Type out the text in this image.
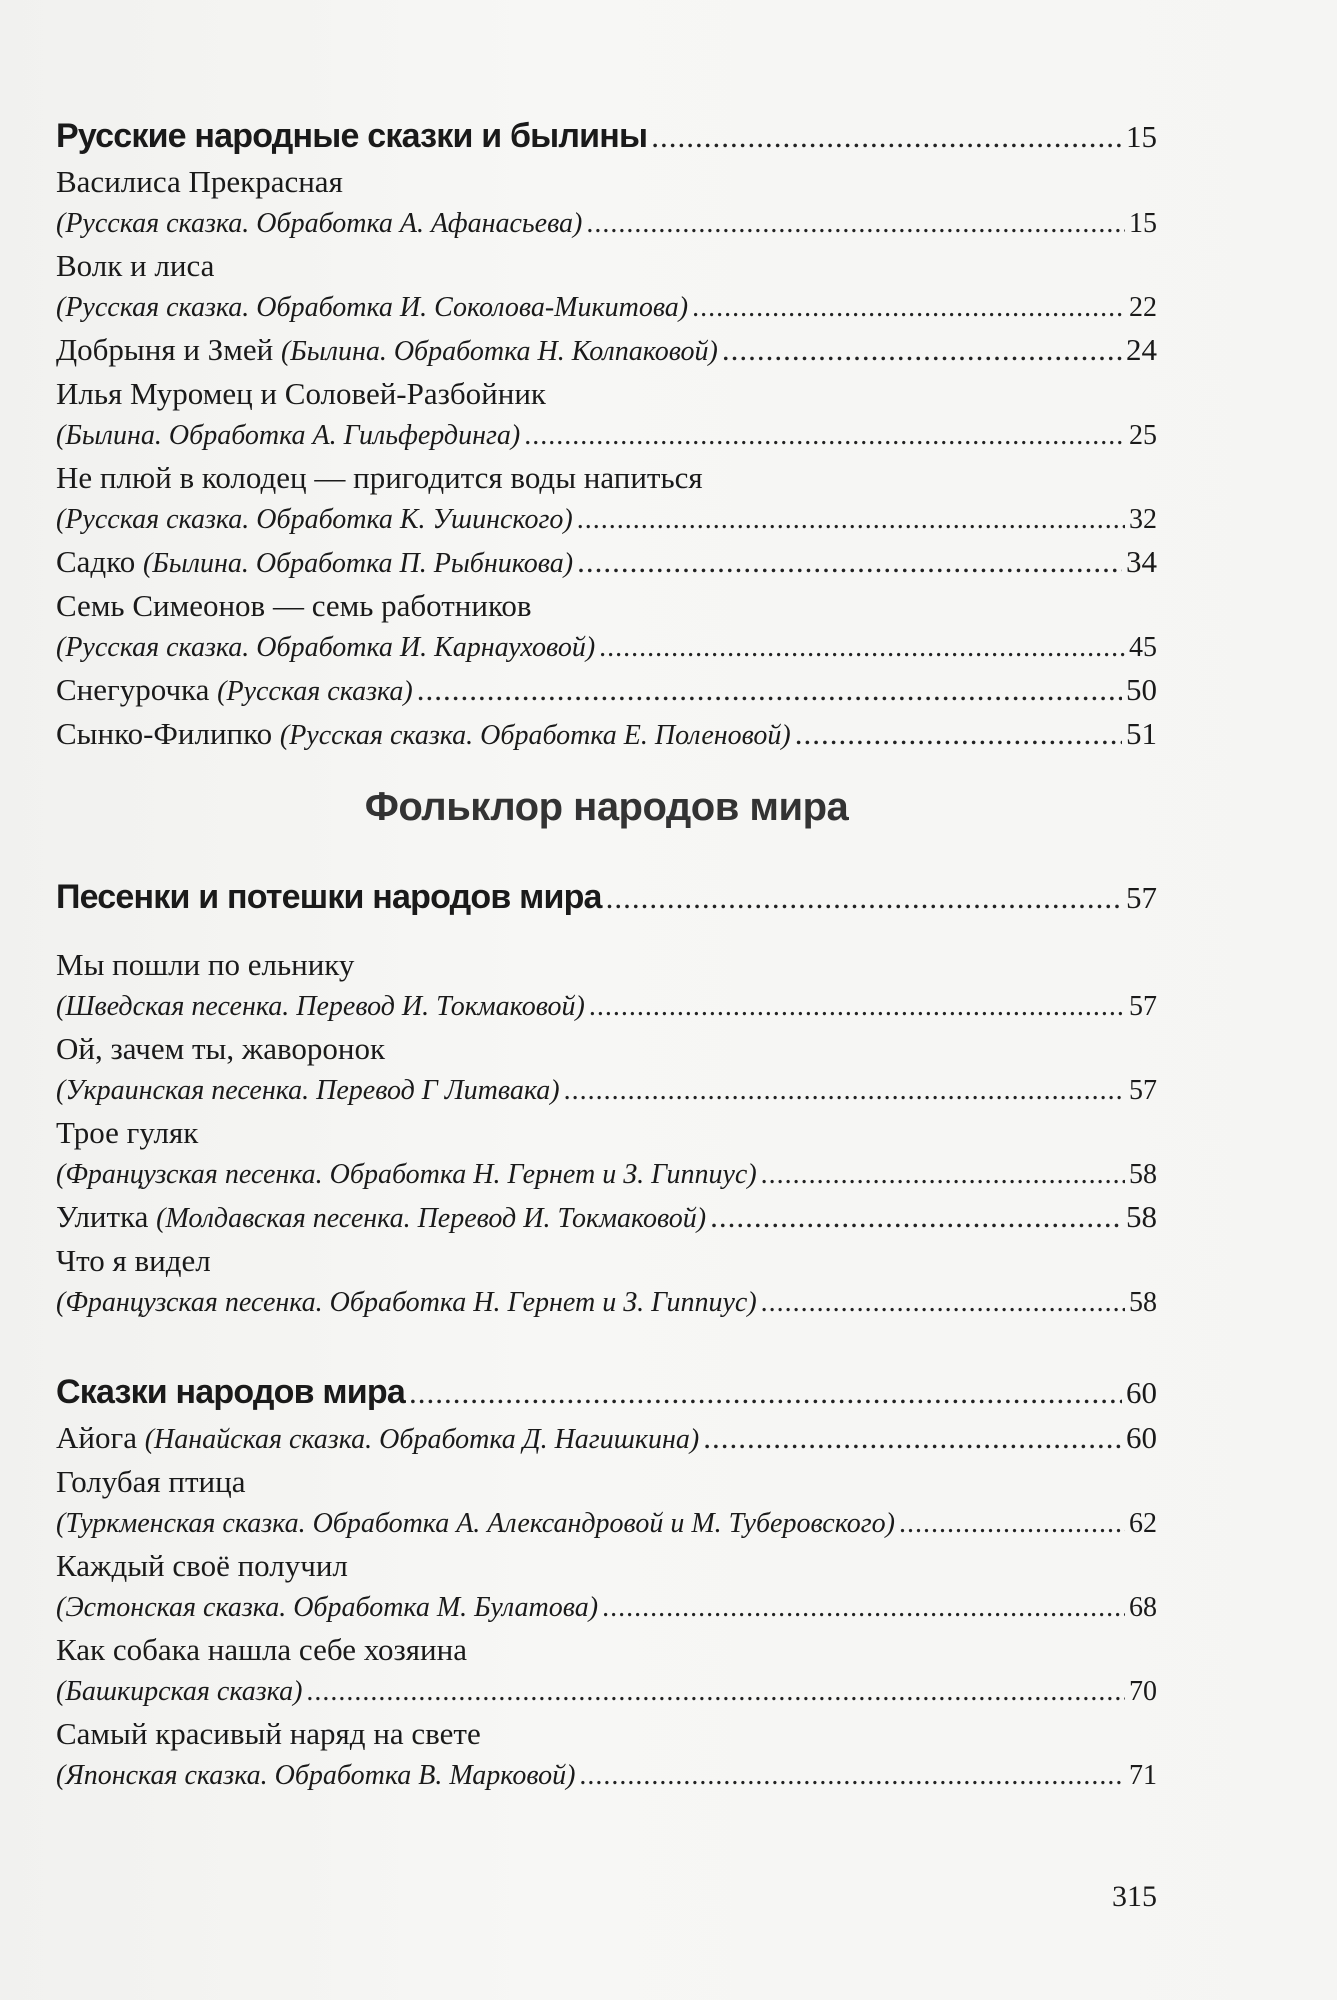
Русские народные сказки и былины .....	15
Василиса Прекрасная
(Русская сказка. Обработка А. Афанасьева) .....	15
Волк и лиса
(Русская сказка. Обработка И. Соколова-Микитова) .....	22
Добрыня и Змей (Былина. Обработка Н. Колпаковой) .....	24
Илья Муромец и Соловей-Разбойник
(Былина. Обработка А. Гильфердинга) .....	25
Не плюй в колодец — пригодится воды напиться
(Русская сказка. Обработка К. Ушинского) .....	32
Садко (Былина. Обработка П. Рыбникова) .....	34
Семь Симеонов — семь работников
(Русская сказка. Обработка И. Карнауховой) .....	45
Снегурочка (Русская сказка) .....	50
Сынко-Филипко (Русская сказка. Обработка Е. Поленовой) .....	51
Фольклор народов мира
Песенки и потешки народов мира .....	57
Мы пошли по ельнику
(Шведская песенка. Перевод И. Токмаковой) .....	57
Ой, зачем ты, жаворонок
(Украинская песенка. Перевод Г Литвака) .....	57
Трое гуляк
(Французская песенка. Обработка Н. Гернет и З. Гиппиус) .....	58
Улитка (Молдавская песенка. Перевод И. Токмаковой) .....	58
Что я видел
(Французская песенка. Обработка Н. Гернет и З. Гиппиус) .....	58
Сказки народов мира .....	60
Айога (Нанайская сказка. Обработка Д. Нагишкина) .....	60
Голубая птица
(Туркменская сказка. Обработка А. Александровой и М. Туберовского) .....	62
Каждый своё получил
(Эстонская сказка. Обработка М. Булатова) .....	68
Как собака нашла себе хозяина
(Башкирская сказка) .....	70
Самый красивый наряд на свете
(Японская сказка. Обработка В. Марковой) .....	71
315
